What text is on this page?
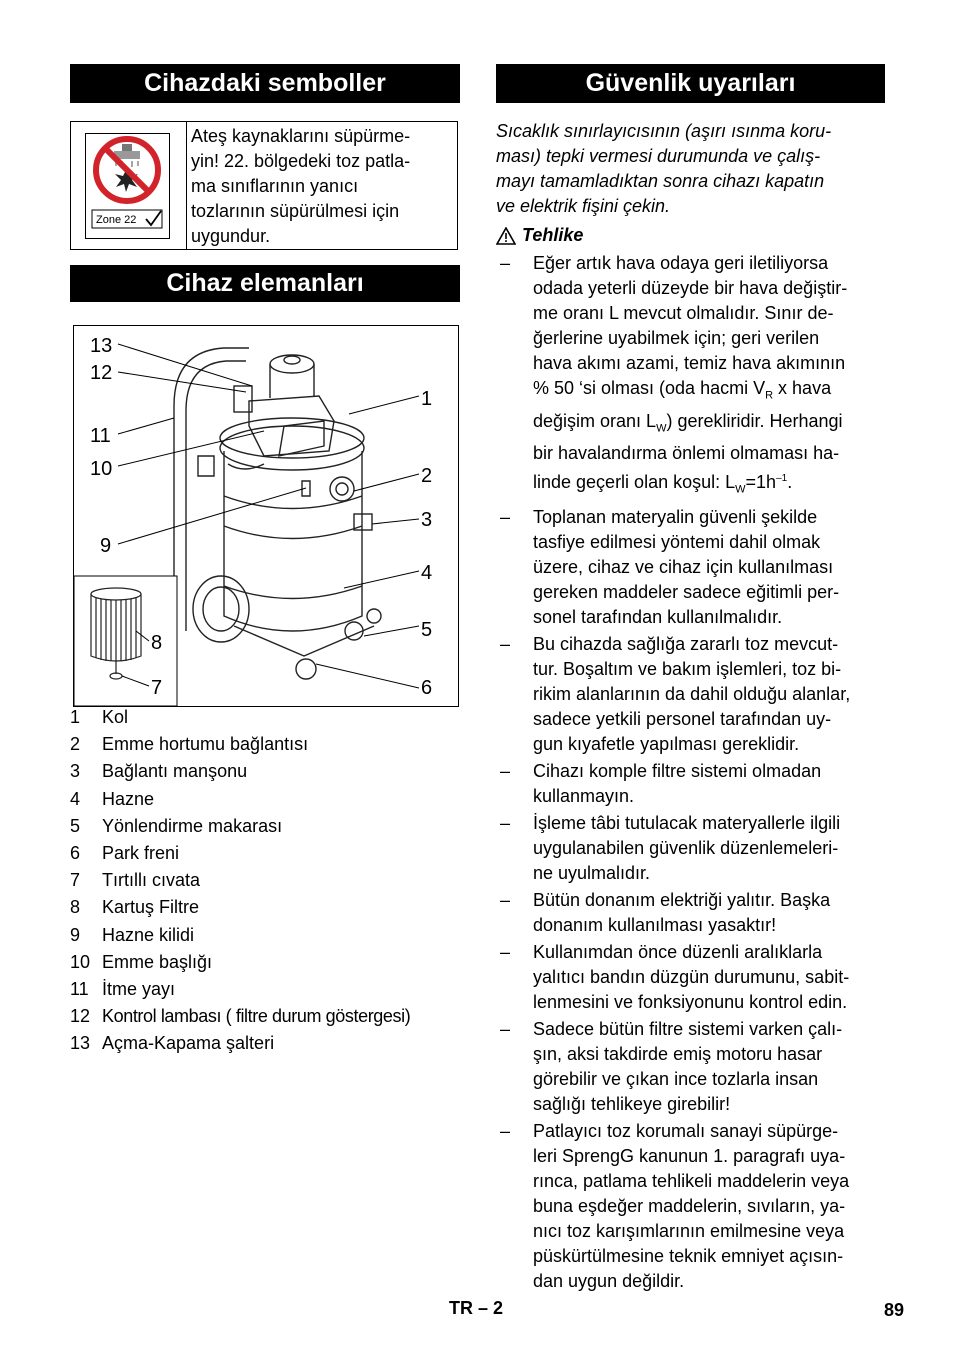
Cihazdaki semboller
Zone 22
Ateş kaynaklarını süpürme-
yin! 22. bölgedeki toz patla-
ma sınıflarının yanıcı
tozlarının süpürülmesi için
uygundur.
Cihaz elemanları
13
12
11
10
9
1
2
3
4
5
6
8
7
1	Kol
2	Emme hortumu bağlantısı
3	Bağlantı manşonu
4	Hazne
5	Yönlendirme makarası
6	Park freni
7	Tırtıllı cıvata
8	Kartuş Filtre
9	Hazne kilidi
10 Emme başlığı
11 İtme yayı
12 Kontrol lambası ( filtre durum göstergesi)
13 Açma-Kapama şalteri
Güvenlik uyarıları
Sıcaklık sınırlayıcısının (aşırı ısınma koru-
ması) tepki vermesi durumunda ve çalış-
mayı tamamladıktan sonra cihazı kapatın
ve elektrik fişini çekin.
Tehlike
–	Eğer artık hava odaya geri iletiliyorsa
odada yeterli düzeyde bir hava değiştir-
me oranı L mevcut olmalıdır. Sınır de-
ğerlerine uyabilmek için; geri verilen
hava akımı azami, temiz hava akımının
% 50 ‘si olması (oda hacmi $V_R$ x hava
değişim oranı $L_W$) gerekliridir. Herhangi
bir havalandırma önlemi olmaması ha-
linde geçerli olan koşul: $L_W=1h^{-1}$.
–	Toplanan materyalin güvenli şekilde
tasfiye edilmesi yöntemi dahil olmak
üzere, cihaz ve cihaz için kullanılması
gereken maddeler sadece eğitimli per-
sonel tarafından kullanılmalıdır.
–	Bu cihazda sağlığa zararlı toz mevcut-
tur. Boşaltım ve bakım işlemleri, toz bi-
rikim alanlarının da dahil olduğu alanlar,
sadece yetkili personel tarafından uy-
gun kıyafetle yapılması gereklidir.
–	Cihazı komple filtre sistemi olmadan
kullanmayın.
–	İşleme tâbi tutulacak materyallerle ilgili
uygulanabilen güvenlik düzenlemeleri-
ne uyulmalıdır.
–	Bütün donanım elektriği yalıtır. Başka
donanım kullanılması yasaktır!
–	Kullanımdan önce düzenli aralıklarla
yalıtıcı bandın düzgün durumunu, sabit-
lenmesini ve fonksiyonunu kontrol edin.
–	Sadece bütün filtre sistemi varken çalı-
şın, aksi takdirde emiş motoru hasar
görebilir ve çıkan ince tozlarla insan
sağlığı tehlikeye girebilir!
–	Patlayıcı toz korumalı sanayi süpürge-
leri SprengG kanunun 1. paragrafı uya-
rınca, patlama tehlikeli maddelerin veya
buna eşdeğer maddelerin, sıvıların, ya-
nıcı toz karışımlarının emilmesine veya
püskürtülmesine teknik emniyet açısın-
dan uygun değildir.
TR – 2	89
